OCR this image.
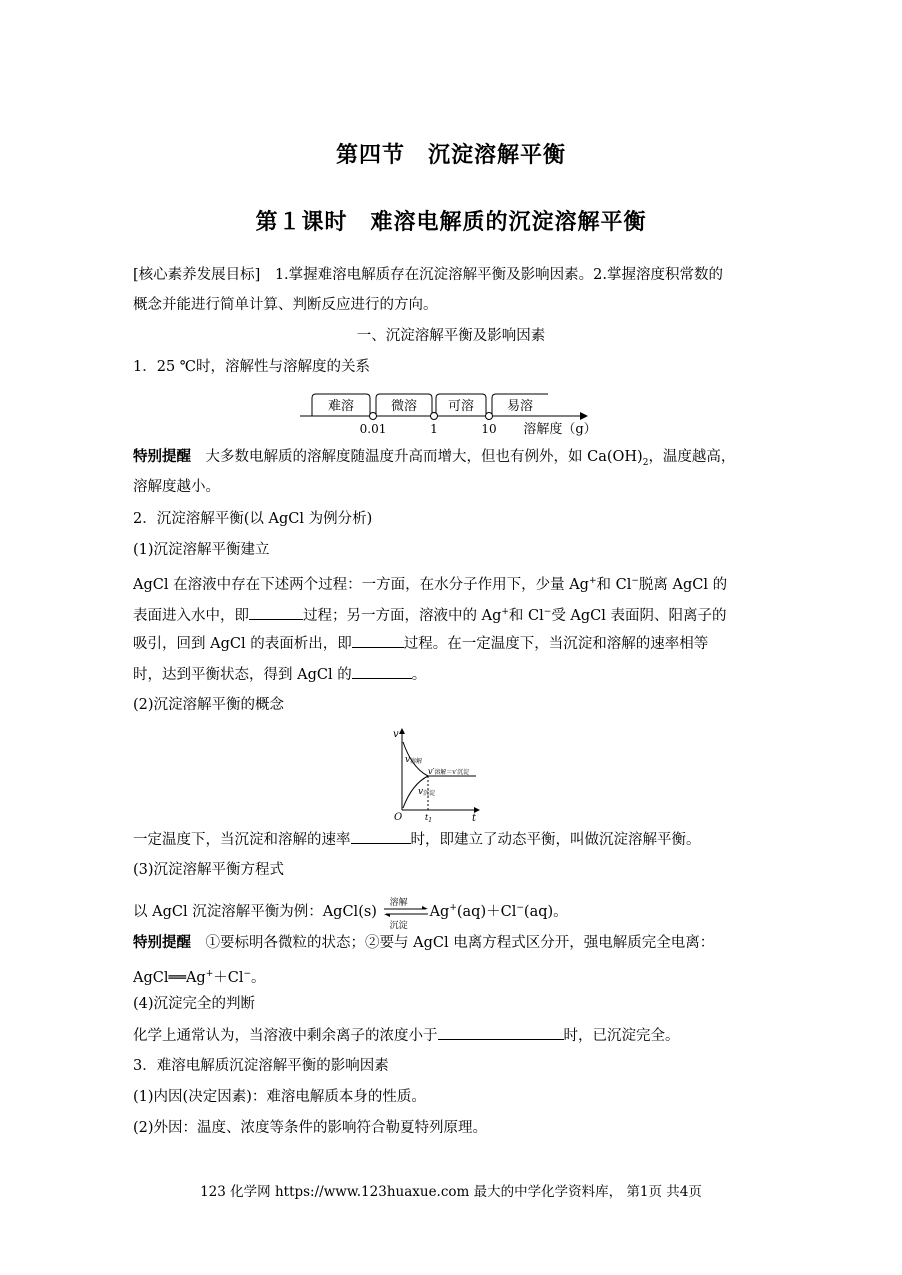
第四节　沉淀溶解平衡
第１课时　难溶电解质的沉淀溶解平衡
[核心素养发展目标]　1.掌握难溶电解质存在沉淀溶解平衡及影响因素。2.掌握溶度积常数的
概念并能进行简单计算、判断反应进行的方向。
一、沉淀溶解平衡及影响因素
1．25 ℃时，溶解性与溶解度的关系
难溶	微溶 可溶	易溶
0.01	1	10 溶解度（g）
特别提醒　大多数电解质的溶解度随温度升高而增大，但也有例外，如 $Ca(OH)_2$，温度越高，
溶解度越小。
2．沉淀溶解平衡(以 AgCl 为例分析)
(1)沉淀溶解平衡建立
AgCl 在溶液中存在下述两个过程：一方面，在水分子作用下，少量 Ag+和 Cl−脱离 AgCl 的
表面进入水中，即	过程；另一方面，溶液中的 Ag+和 Cl−受 AgCl 表面阴、阳离子的
吸引，回到 AgCl 的表面析出，即	过程。在一定温度下，当沉淀和溶解的速率相等
时，达到平衡状态，得到 AgCl 的	。
(2)沉淀溶解平衡的概念
v
t
O	$t_1$
v溶解
v′溶解＝v′沉淀
v沉淀
一定温度下，当沉淀和溶解的速率	时，即建立了动态平衡，叫做沉淀溶解平衡。
(3)沉淀溶解平衡方程式
以 AgCl 沉淀溶解平衡为例：AgCl(s)
溶解
沉淀
Ag+(aq)＋Cl−(aq)。
特别提醒　①要标明各微粒的状态；②要与 AgCl 电离方程式区分开，强电解质完全电离：
AgCl══Ag+＋Cl−。
(4)沉淀完全的判断
化学上通常认为，当溶液中剩余离子的浓度小于	时，已沉淀完全。
3．难溶电解质沉淀溶解平衡的影响因素
(1)内因(决定因素)：难溶电解质本身的性质。
(2)外因：温度、浓度等条件的影响符合勒夏特列原理。
123 化学网 https://www.123huaxue.com 最大的中学化学资料库， 第1页 共4页
